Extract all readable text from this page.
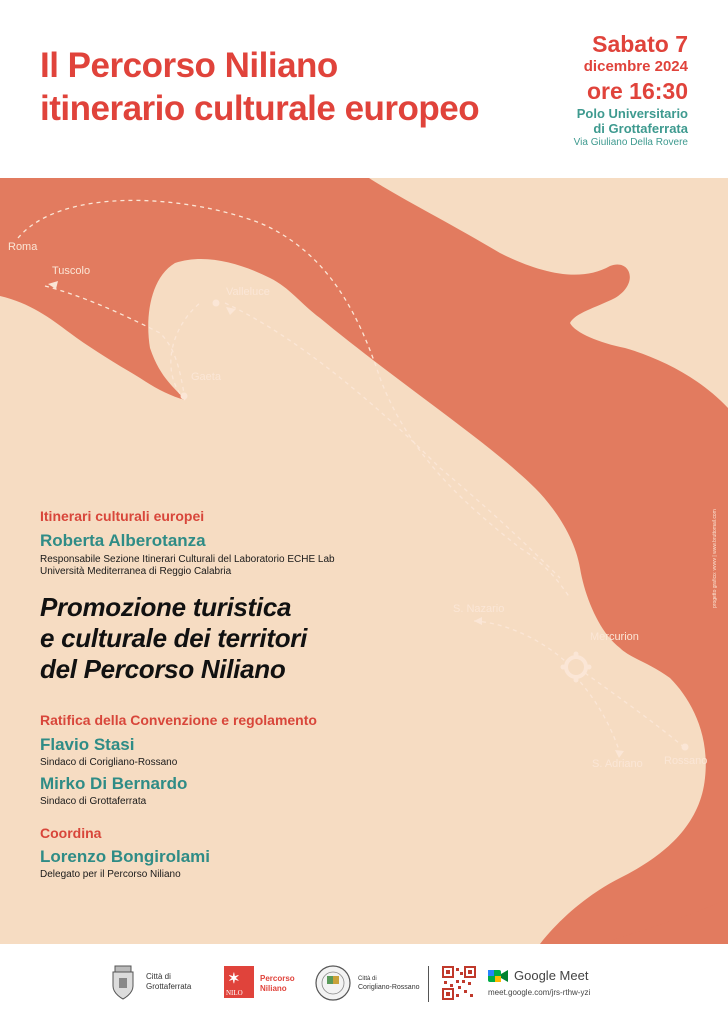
Il Percorso Niliano
itinerario culturale europeo
Sabato 7
dicembre 2024
ore 16:30
Polo Universitario
di Grottaferrata
Via Giuliano Della Rovere
Roma
Tuscolo
Valleluce
Gaeta
S. Nazario
Mercurion
S. Adriano Rossano
progetto grafico: vvvvv | www.bruttomail.com
Itinerari culturali europei
Roberta Alberotanza
Responsabile Sezione Itinerari Culturali del Laboratorio ECHE Lab
Università Mediterranea di Reggio Calabria
Promozione turistica
e culturale dei territori
del Percorso Niliano
Ratifica della Convenzione e regolamento
Flavio Stasi
Sindaco di Corigliano-Rossano
Mirko Di Bernardo
Sindaco di Grottaferrata
Coordina
Lorenzo Bongirolami
Delegato per il Percorso Niliano
Città di
Grottaferrata
✶
NILO
Percorso
Niliano
Città di
Corigliano-Rossano
Google Meet
meet.google.com/jrs-rthw-yzi
